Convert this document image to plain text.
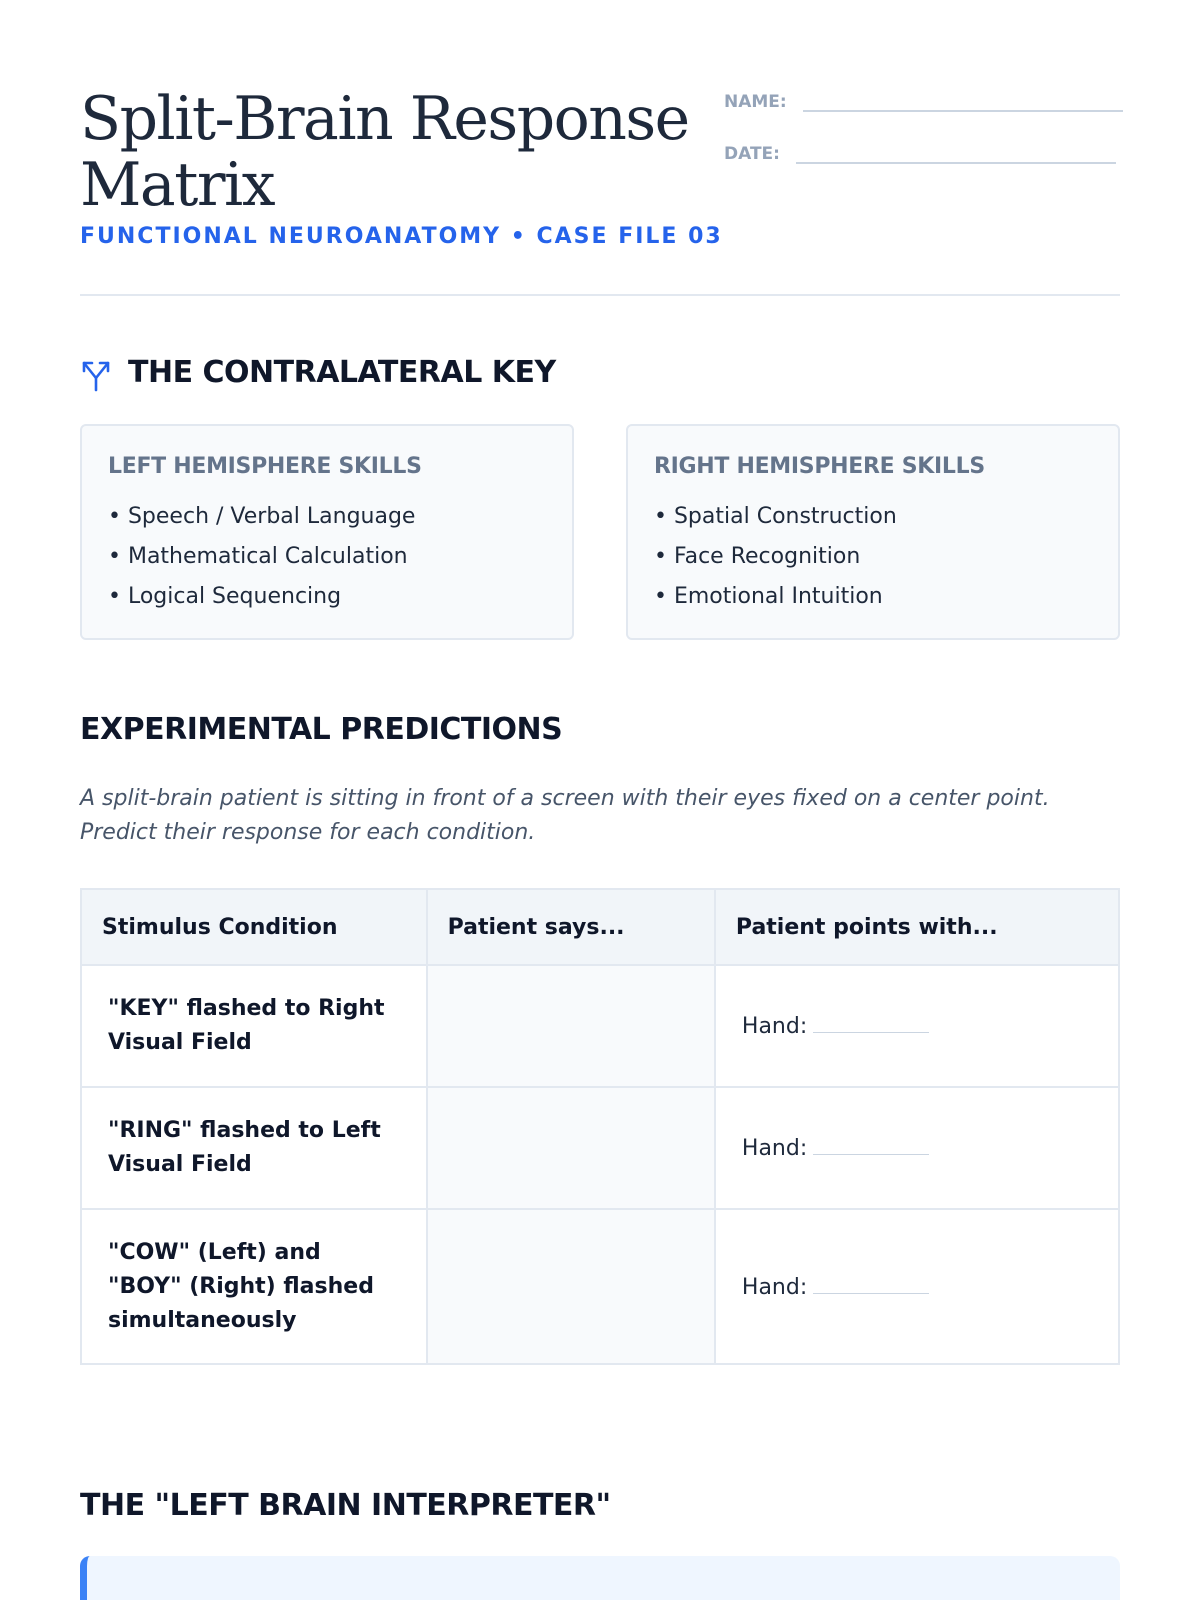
Split-Brain Response Matrix
FUNCTIONAL NEUROANATOMY • CASE FILE 03
NAME:
DATE:
THE CONTRALATERAL KEY
LEFT HEMISPHERE SKILLS
• Speech / Verbal Language
• Mathematical Calculation
• Logical Sequencing
RIGHT HEMISPHERE SKILLS
• Spatial Construction
• Face Recognition
• Emotional Intuition
EXPERIMENTAL PREDICTIONS

A split-brain patient is sitting in front of a screen with their eyes fixed on a center point. Predict their response for each condition.

Stimulus Condition	Patient says...	Patient points with...
"KEY" flashed to Right Visual Field		Hand:
"RING" flashed to Left Visual Field		Hand:
"COW" (Left) and "BOY" (Right) flashed simultaneously		Hand:
THE "LEFT BRAIN INTERPRETER"
